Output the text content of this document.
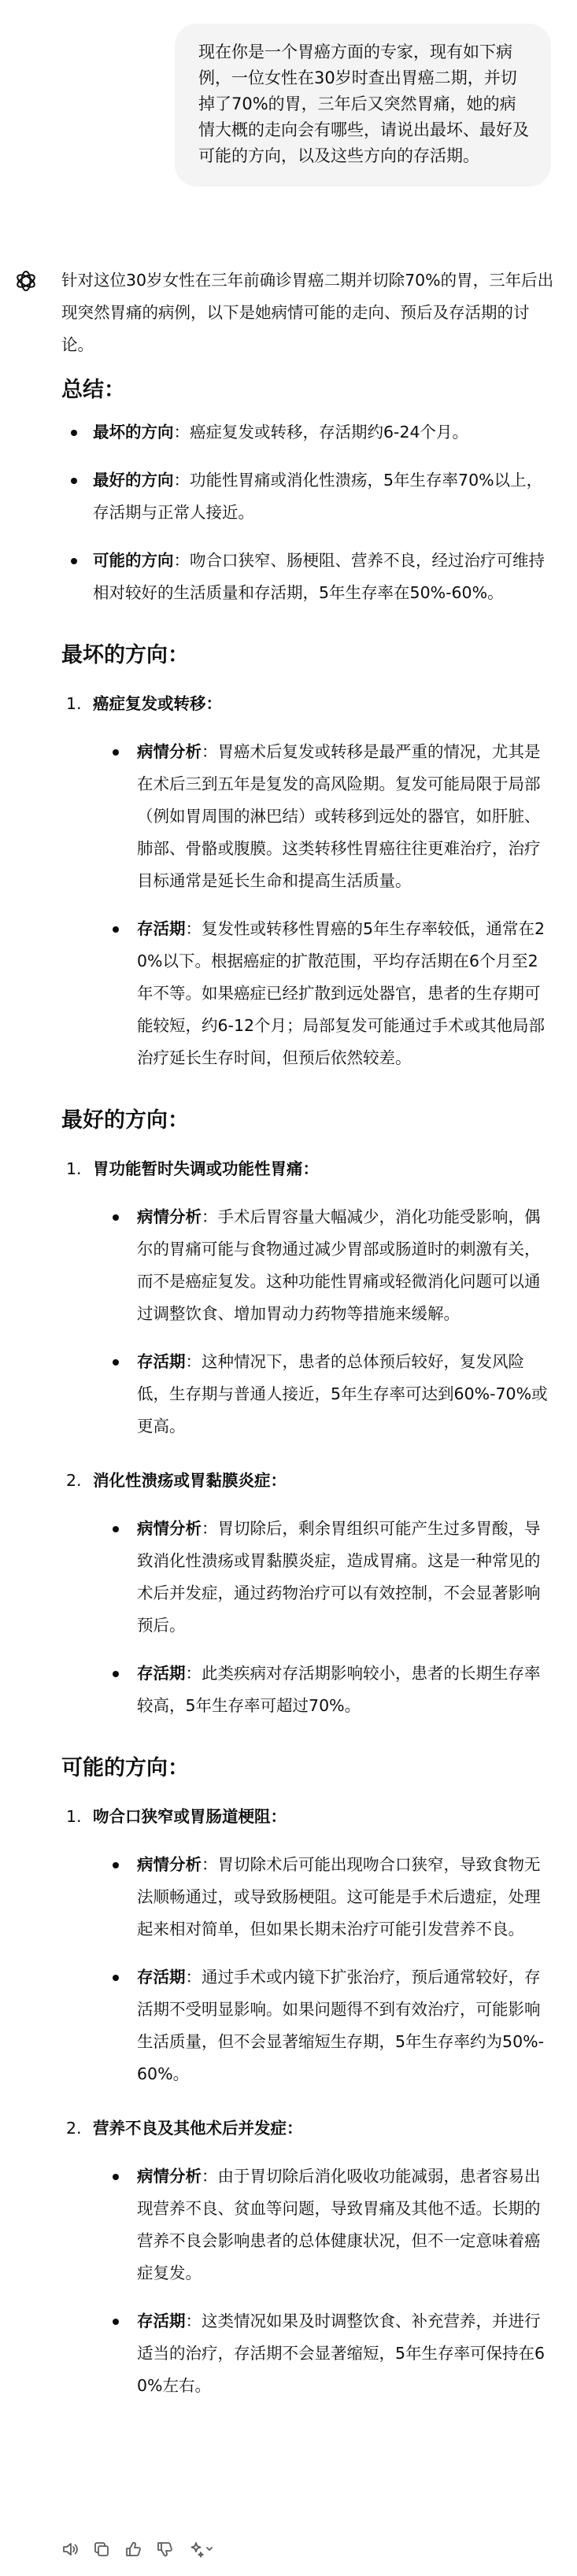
现在你是一个胃癌方面的专家，现有如下病例，一位女性在30岁时查出胃癌二期，并切掉了70%的胃，三年后又突然胃痛，她的病情大概的走向会有哪些，请说出最坏、最好及可能的方向，以及这些方向的存活期。

针对这位30岁女性在三年前确诊胃癌二期并切除70%的胃，三年后出现突然胃痛的病例，以下是她病情可能的走向、预后及存活期的讨论。

总结：
最坏的方向：癌症复发或转移，存活期约6-24个月。
最好的方向：功能性胃痛或消化性溃疡，5年生存率70%以上，存活期与正常人接近。
可能的方向：吻合口狭窄、肠梗阻、营养不良，经过治疗可维持相对较好的生活质量和存活期，5年生存率在50%-60%。
最坏的方向：
1. 癌症复发或转移：

病情分析：胃癌术后复发或转移是最严重的情况，尤其是在术后三到五年是复发的高风险期。复发可能局限于局部（例如胃周围的淋巴结）或转移到远处的器官，如肝脏、肺部、骨骼或腹膜。这类转移性胃癌往往更难治疗，治疗目标通常是延长生命和提高生活质量。
存活期：复发性或转移性胃癌的5年生存率较低，通常在20%以下。根据癌症的扩散范围，平均存活期在6个月至2年不等。如果癌症已经扩散到远处器官，患者的生存期可能较短，约6-12个月；局部复发可能通过手术或其他局部治疗延长生存时间，但预后依然较差。
最好的方向：
1. 胃功能暂时失调或功能性胃痛：

病情分析：手术后胃容量大幅减少，消化功能受影响，偶尔的胃痛可能与食物通过减少胃部或肠道时的刺激有关，而不是癌症复发。这种功能性胃痛或轻微消化问题可以通过调整饮食、增加胃动力药物等措施来缓解。
存活期：这种情况下，患者的总体预后较好，复发风险低，生存期与普通人接近，5年生存率可达到60%-70%或更高。
2. 消化性溃疡或胃黏膜炎症：

病情分析：胃切除后，剩余胃组织可能产生过多胃酸，导致消化性溃疡或胃黏膜炎症，造成胃痛。这是一种常见的术后并发症，通过药物治疗可以有效控制，不会显著影响预后。
存活期：此类疾病对存活期影响较小，患者的长期生存率较高，5年生存率可超过70%。
可能的方向：
1. 吻合口狭窄或胃肠道梗阻：

病情分析：胃切除术后可能出现吻合口狭窄，导致食物无法顺畅通过，或导致肠梗阻。这可能是手术后遗症，处理起来相对简单，但如果长期未治疗可能引发营养不良。
存活期：通过手术或内镜下扩张治疗，预后通常较好，存活期不受明显影响。如果问题得不到有效治疗，可能影响生活质量，但不会显著缩短生存期，5年生存率约为50%-60%。
2. 营养不良及其他术后并发症：

病情分析：由于胃切除后消化吸收功能减弱，患者容易出现营养不良、贫血等问题，导致胃痛及其他不适。长期的营养不良会影响患者的总体健康状况，但不一定意味着癌症复发。
存活期：这类情况如果及时调整饮食、补充营养，并进行适当的治疗，存活期不会显著缩短，5年生存率可保持在60%左右。
